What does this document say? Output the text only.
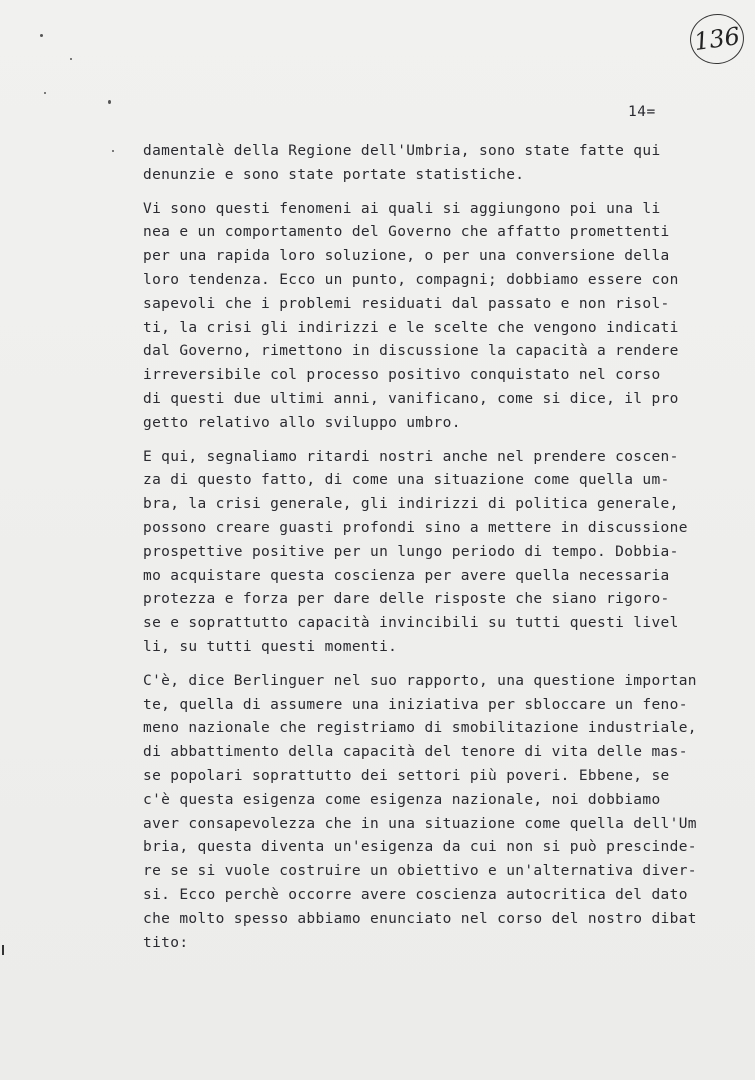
136
14=
damentalè della Regione dell'Umbria, sono state fatte qui
denunzie e sono state portate statistiche.
Vi sono questi fenomeni ai quali si aggiungono poi una li
nea e un comportamento del Governo che affatto promettenti
per una rapida loro soluzione, o per una conversione della
loro tendenza. Ecco un punto, compagni; dobbiamo essere con
sapevoli che i problemi residuati dal passato e non risol-
ti, la crisi gli indirizzi e le scelte che vengono indicati
dal Governo, rimettono in discussione la capacità a rendere
irreversibile col processo positivo conquistato nel corso
di questi due ultimi anni, vanificano, come si dice, il pro
getto relativo allo sviluppo umbro.
E qui, segnaliamo ritardi nostri anche nel prendere coscen-
za di questo fatto, di come una situazione come quella um-
bra, la crisi generale, gli indirizzi di politica generale,
possono creare guasti profondi sino a mettere in discussione
prospettive positive per un lungo periodo di tempo. Dobbia-
mo acquistare questa coscienza per avere quella necessaria
protezza e forza per dare delle risposte che siano rigoro-
se e soprattutto capacità invincibili su tutti questi livel
li, su tutti questi momenti.
C'è, dice Berlinguer nel suo rapporto, una questione importan
te, quella di assumere una iniziativa per sbloccare un feno-
meno nazionale che registriamo di smobilitazione industriale,
di abbattimento della capacità del tenore di vita delle mas-
se popolari soprattutto dei settori più poveri. Ebbene, se
c'è questa esigenza come esigenza nazionale, noi dobbiamo
aver consapevolezza che in una situazione come quella dell'Um
bria, questa diventa un'esigenza da cui non si può prescinde-
re se si vuole costruire un obiettivo e un'alternativa diver-
si. Ecco perchè occorre avere coscienza autocritica del dato
che molto spesso abbiamo enunciato nel corso del nostro dibat
tito:
